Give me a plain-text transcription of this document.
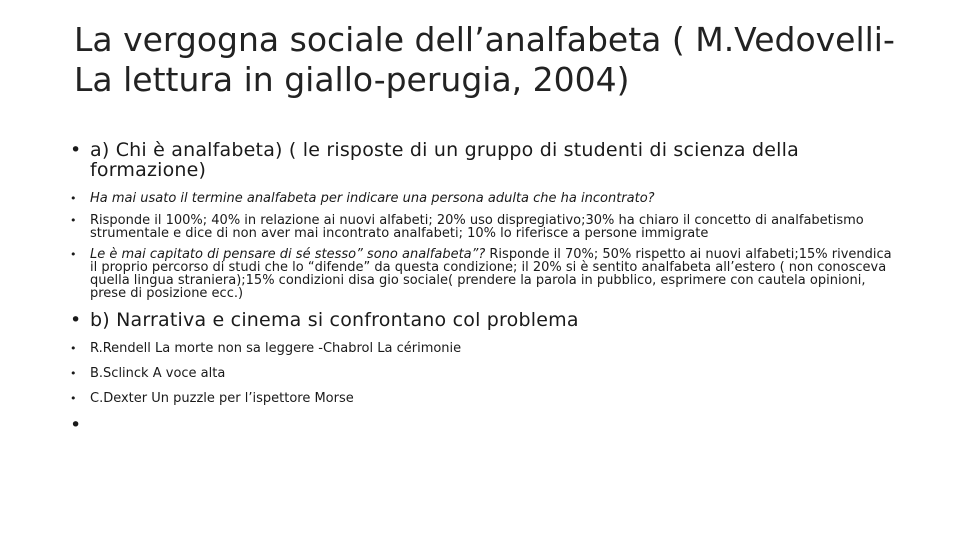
La vergogna sociale dell’analfabeta ( M.Vedovelli-
La lettura in giallo-perugia, 2004)
• a) Chi è analfabeta) ( le risposte di un gruppo di studenti di scienza della formazione)
• Ha mai usato il termine analfabeta per indicare una persona adulta che ha incontrato?
• Risponde il 100%; 40% in relazione ai nuovi alfabeti; 20% uso dispregiativo;30% ha chiaro il concetto di analfabetismo strumentale e dice di non aver mai incontrato analfabeti; 10% lo riferisce a persone immigrate
• Le è mai capitato di pensare di sé stesso” sono analfabeta”? Risponde il 70%; 50% rispetto ai nuovi alfabeti;15% rivendica il proprio percorso di studi che lo “difende” da questa condizione; il 20% si è sentito analfabeta all’estero ( non conosceva quella lingua straniera);15% condizioni disa gio sociale( prendere la parola in pubblico, esprimere con cautela opinioni, prese di posizione ecc.)
• b) Narrativa e cinema si confrontano col problema
• R.Rendell La morte non sa leggere -Chabrol La cérimonie
• B.Sclinck A voce alta
• C.Dexter Un puzzle per l’ispettore Morse
•
